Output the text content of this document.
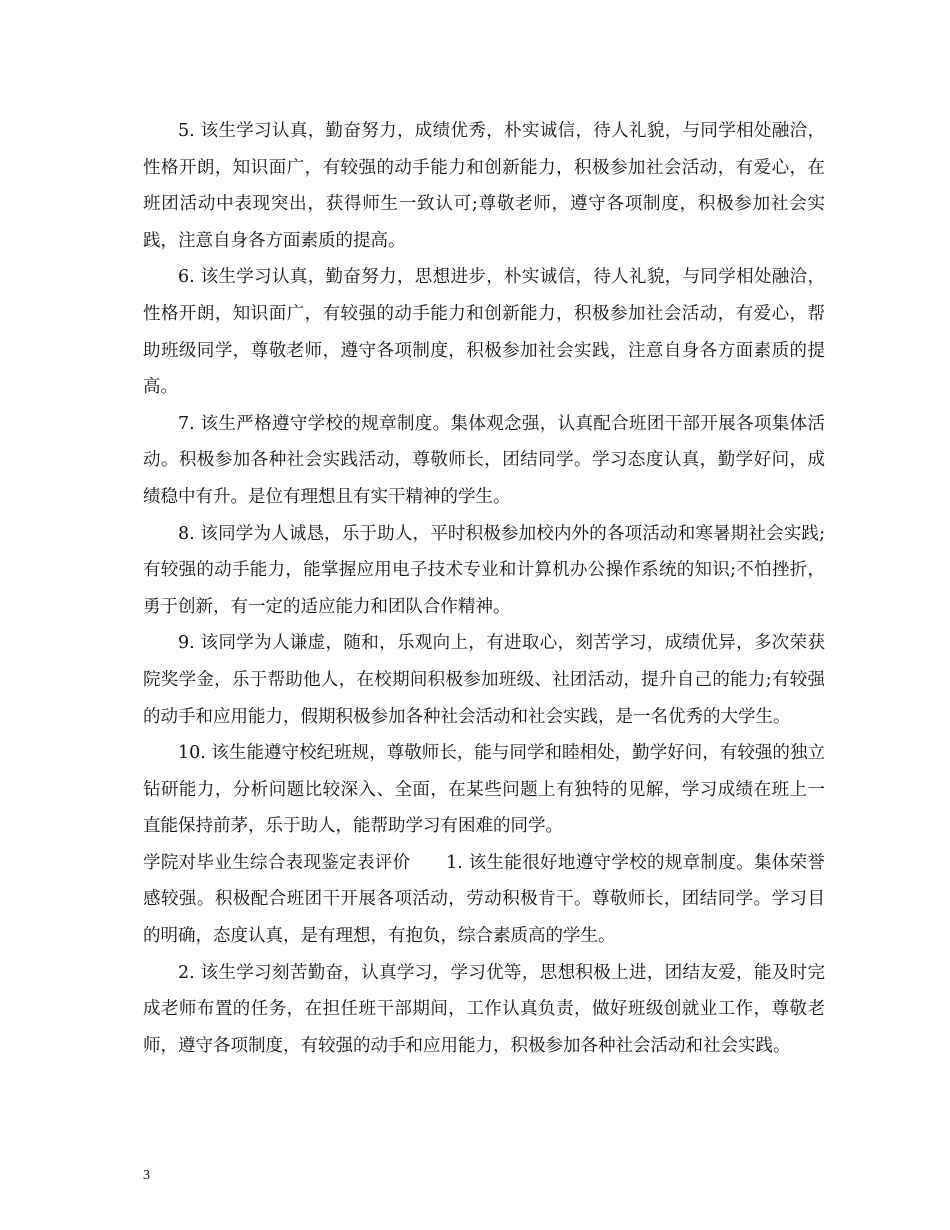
5. 该生学习认真，勤奋努力，成绩优秀，朴实诚信，待人礼貌，与同学相处融洽，性格开朗，知识面广，有较强的动手能力和创新能力，积极参加社会活动，有爱心，在班团活动中表现突出，获得师生一致认可;尊敬老师，遵守各项制度，积极参加社会实践，注意自身各方面素质的提高。

6. 该生学习认真，勤奋努力，思想进步，朴实诚信，待人礼貌，与同学相处融洽，性格开朗，知识面广，有较强的动手能力和创新能力，积极参加社会活动，有爱心，帮助班级同学，尊敬老师，遵守各项制度，积极参加社会实践，注意自身各方面素质的提高。

7. 该生严格遵守学校的规章制度。集体观念强，认真配合班团干部开展各项集体活动。积极参加各种社会实践活动，尊敬师长，团结同学。学习态度认真，勤学好问，成绩稳中有升。是位有理想且有实干精神的学生。

8. 该同学为人诚恳，乐于助人，平时积极参加校内外的各项活动和寒暑期社会实践;有较强的动手能力，能掌握应用电子技术专业和计算机办公操作系统的知识;不怕挫折，勇于创新，有一定的适应能力和团队合作精神。

9. 该同学为人谦虚，随和，乐观向上，有进取心，刻苦学习，成绩优异，多次荣获院奖学金，乐于帮助他人，在校期间积极参加班级、社团活动，提升自己的能力;有较强的动手和应用能力，假期积极参加各种社会活动和社会实践，是一名优秀的大学生。

10. 该生能遵守校纪班规，尊敬师长，能与同学和睦相处，勤学好问，有较强的独立钻研能力，分析问题比较深入、全面，在某些问题上有独特的见解，学习成绩在班上一直能保持前茅，乐于助人，能帮助学习有困难的同学。

学院对毕业生综合表现鉴定表评价　　1. 该生能很好地遵守学校的规章制度。集体荣誉感较强。积极配合班团干开展各项活动，劳动积极肯干。尊敬师长，团结同学。学习目的明确，态度认真，是有理想，有抱负，综合素质高的学生。

2. 该生学习刻苦勤奋，认真学习，学习优等，思想积极上进，团结友爱，能及时完成老师布置的任务，在担任班干部期间，工作认真负责，做好班级创就业工作，尊敬老师，遵守各项制度，有较强的动手和应用能力，积极参加各种社会活动和社会实践。

3
